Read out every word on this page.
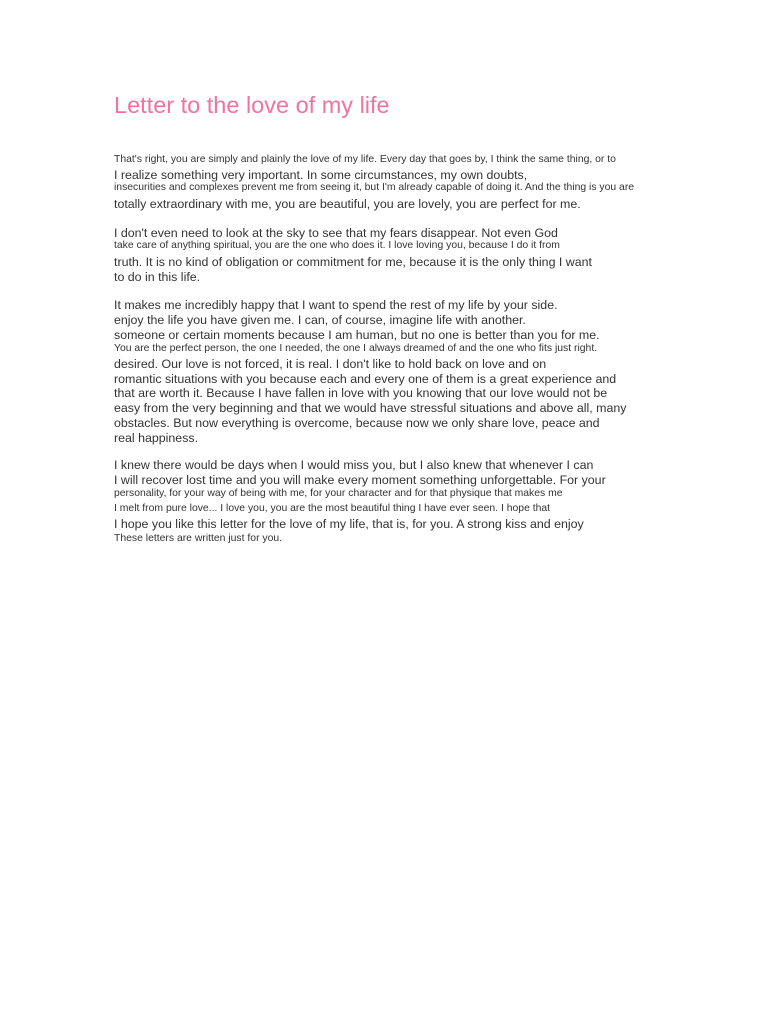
Letter to the love of my life
That's right, you are simply and plainly the love of my life. Every day that goes by, I think the same thing, or to
I realize something very important. In some circumstances, my own doubts,
insecurities and complexes prevent me from seeing it, but I'm already capable of doing it. And the thing is you are
totally extraordinary with me, you are beautiful, you are lovely, you are perfect for me.
I don't even need to look at the sky to see that my fears disappear. Not even God
take care of anything spiritual, you are the one who does it. I love loving you, because I do it from
truth. It is no kind of obligation or commitment for me, because it is the only thing I want
to do in this life.
It makes me incredibly happy that I want to spend the rest of my life by your side.
enjoy the life you have given me. I can, of course, imagine life with another.
someone or certain moments because I am human, but no one is better than you for me.
You are the perfect person, the one I needed, the one I always dreamed of and the one who fits just right.
desired. Our love is not forced, it is real. I don't like to hold back on love and on
romantic situations with you because each and every one of them is a great experience and
that are worth it. Because I have fallen in love with you knowing that our love would not be
easy from the very beginning and that we would have stressful situations and above all, many
obstacles. But now everything is overcome, because now we only share love, peace and
real happiness.
I knew there would be days when I would miss you, but I also knew that whenever I can
I will recover lost time and you will make every moment something unforgettable. For your
personality, for your way of being with me, for your character and for that physique that makes me
I melt from pure love... I love you, you are the most beautiful thing I have ever seen. I hope that
I hope you like this letter for the love of my life, that is, for you. A strong kiss and enjoy
These letters are written just for you.
